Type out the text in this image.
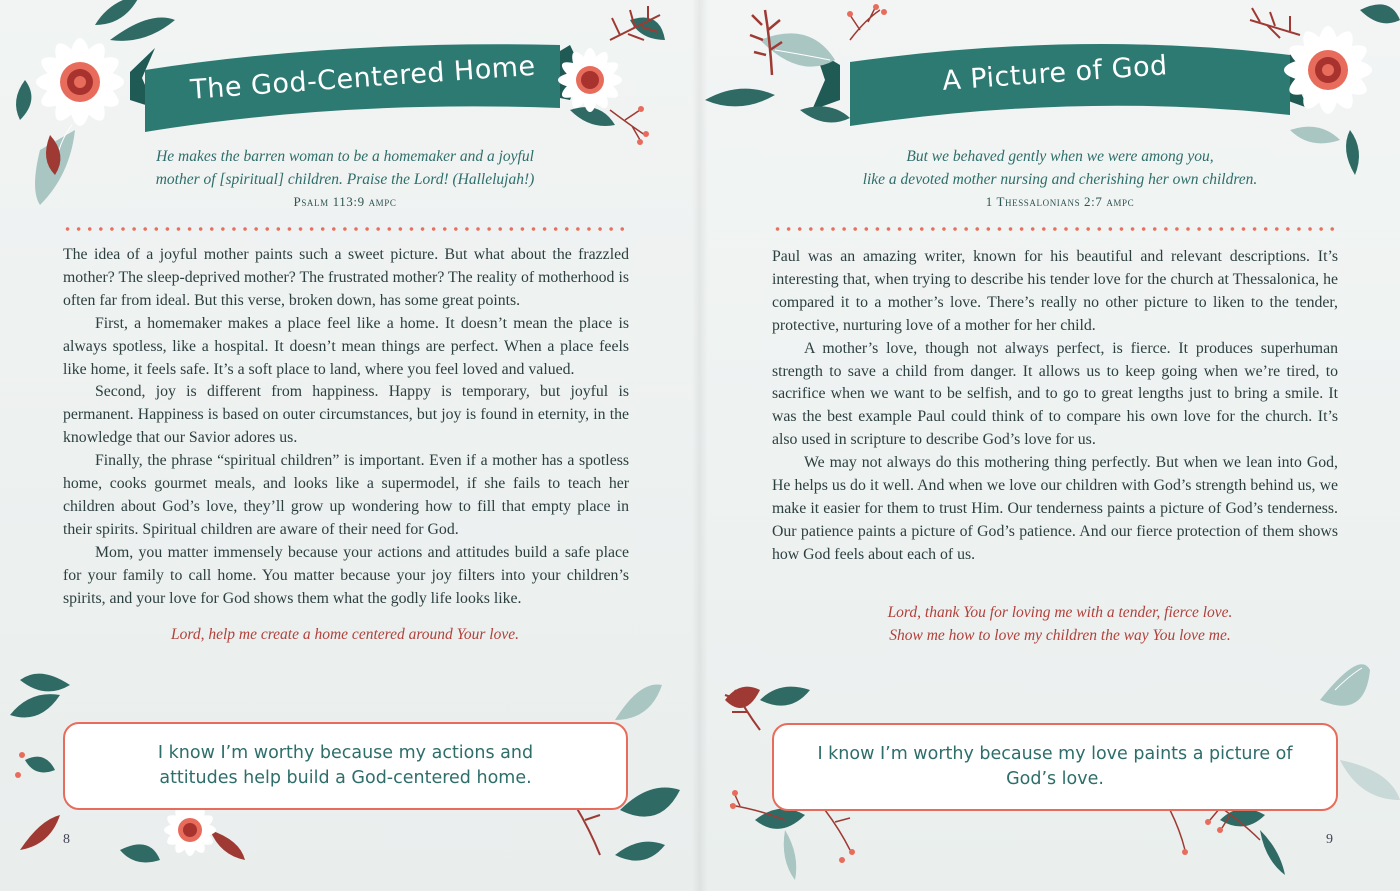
The God-Centered Home
He makes the barren woman to be a homemaker and a joyful
mother of [spiritual] children. Praise the Lord! (Hallelujah!)
Psalm 113:9 ampc

The idea of a joyful mother paints such a sweet picture. But what about the frazzled mother? The sleep-deprived mother? The frustrated mother? The reality of motherhood is often far from ideal. But this verse, broken down, has some great points.

First, a homemaker makes a place feel like a home. It doesn’t mean the place is always spotless, like a hospital. It doesn’t mean things are perfect. When a place feels like home, it feels safe. It’s a soft place to land, where you feel loved and valued.

Second, joy is different from happiness. Happy is temporary, but joyful is permanent. Happiness is based on outer circumstances, but joy is found in eternity, in the knowledge that our Savior adores us.

Finally, the phrase “spiritual children” is important. Even if a mother has a spotless home, cooks gourmet meals, and looks like a supermodel, if she fails to teach her children about God’s love, they’ll grow up wondering how to fill that empty place in their spirits. Spiritual children are aware of their need for God.

Mom, you matter immensely because your actions and attitudes build a safe place for your family to call home. You matter because your joy filters into your children’s spirits, and your love for God shows them what the godly life looks like.

Lord, help me create a home centered around Your love.
I know I’m worthy because my actions and
attitudes help build a God-centered home.
8
A Picture of God
But we behaved gently when we were among you,
like a devoted mother nursing and cherishing her own children.
1 Thessalonians 2:7 ampc

Paul was an amazing writer, known for his beautiful and relevant descriptions. It’s interesting that, when trying to describe his tender love for the church at Thessalonica, he compared it to a mother’s love. There’s really no other picture to liken to the tender, protective, nurturing love of a mother for her child.

A mother’s love, though not always perfect, is fierce. It produces superhuman strength to save a child from danger. It allows us to keep going when we’re tired, to sacrifice when we want to be selfish, and to go to great lengths just to bring a smile. It was the best example Paul could think of to compare his own love for the church. It’s also used in scripture to describe God’s love for us.

We may not always do this mothering thing perfectly. But when we lean into God, He helps us do it well. And when we love our children with God’s strength behind us, we make it easier for them to trust Him. Our tenderness paints a picture of God’s tenderness. Our patience paints a picture of God’s patience. And our fierce protection of them shows how God feels about each of us.

Lord, thank You for loving me with a tender, fierce love.
Show me how to love my children the way You love me.
I know I’m worthy because my love paints a picture of God’s love.
9
